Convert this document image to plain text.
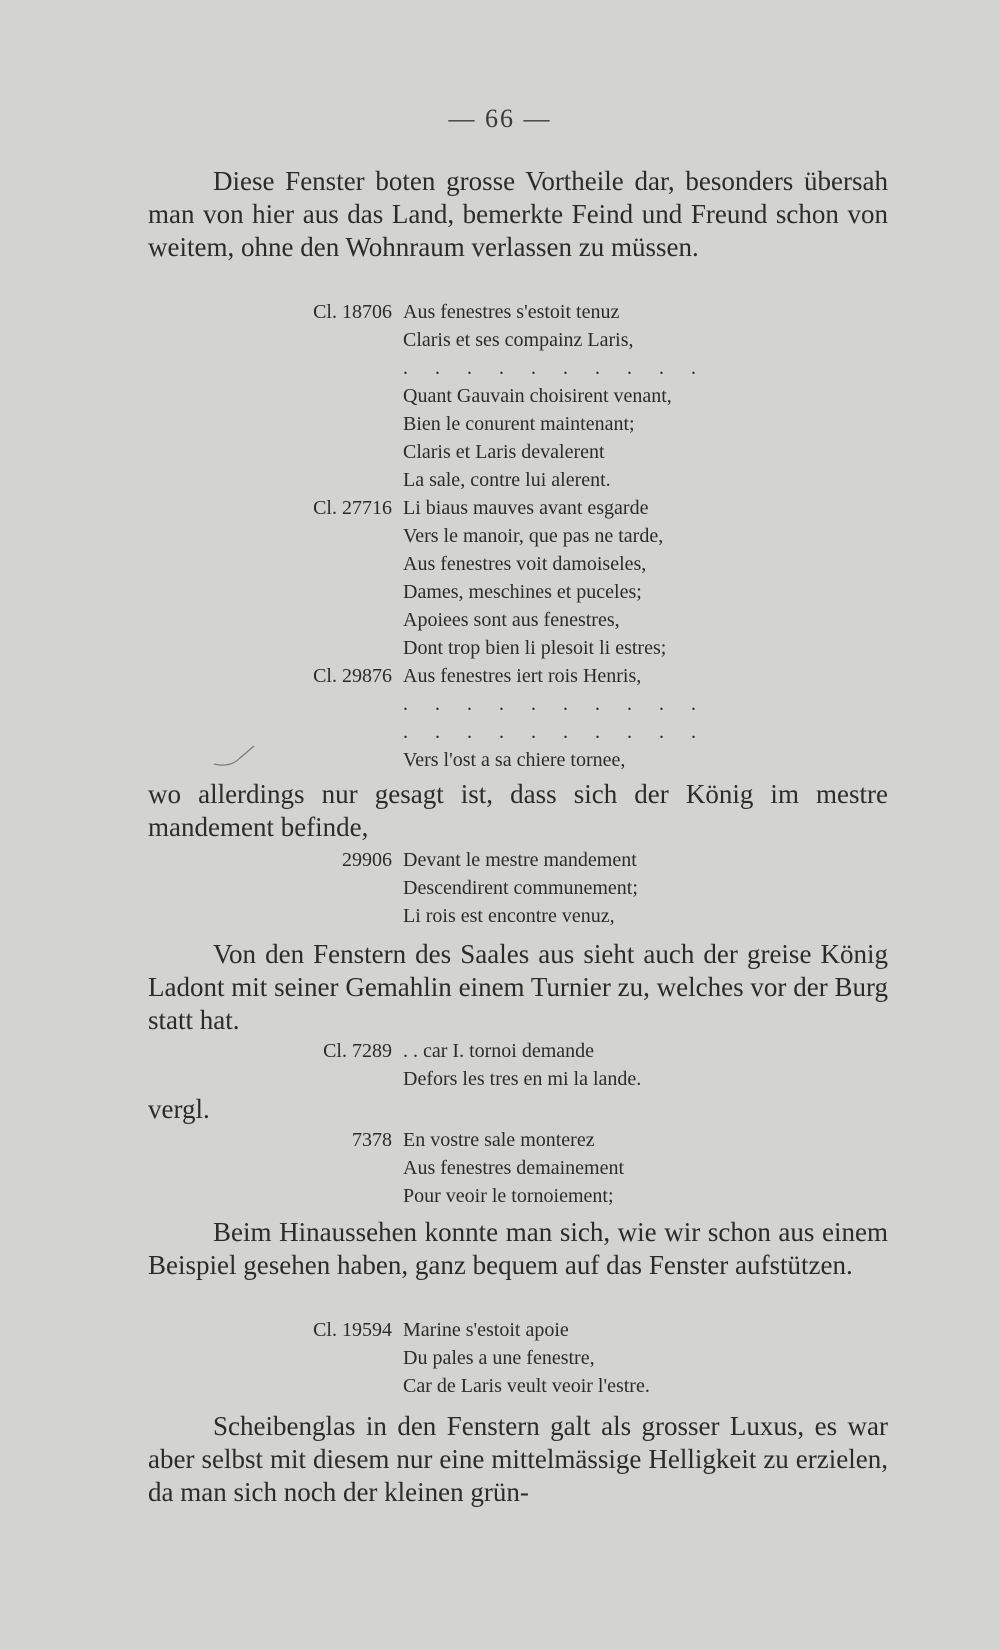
— 66 —

Diese Fenster boten grosse Vortheile dar, besonders übersah man von hier aus das Land, bemerkte Feind und Freund schon von weitem, ohne den Wohnraum verlassen zu müssen.

Cl. 18706 Aus fenestres s'estoit tenuz
Claris et ses compainz Laris,
. . . . . . . . . .
Quant Gauvain choisirent venant,
Bien le conurent maintenant;
Claris et Laris devalerent
La sale, contre lui alerent.
Cl. 27716 Li biaus mauves avant esgarde
Vers le manoir, que pas ne tarde,
Aus fenestres voit damoiseles,
Dames, meschines et puceles;
Apoiees sont aus fenestres,
Dont trop bien li plesoit li estres;
Cl. 29876 Aus fenestres iert rois Henris,
. . . . . . . . . .
. . . . . . . . . .
Vers l'ost a sa chiere tornee,

wo allerdings nur gesagt ist, dass sich der König im mestre mandement befinde,

29906 Devant le mestre mandement
Descendirent communement;
Li rois est encontre venuz,

Von den Fenstern des Saales aus sieht auch der greise König Ladont mit seiner Gemahlin einem Turnier zu, welches vor der Burg statt hat.

Cl. 7289 . . car I. tornoi demande
Defors les tres en mi la lande.
vergl.
7378 En vostre sale monterez
Aus fenestres demainement
Pour veoir le tornoiement;

Beim Hinaussehen konnte man sich, wie wir schon aus einem Beispiel gesehen haben, ganz bequem auf das Fenster aufstützen.

Cl. 19594 Marine s'estoit apoie
Du pales a une fenestre,
Car de Laris veult veoir l'estre.

Scheibenglas in den Fenstern galt als grosser Luxus, es war aber selbst mit diesem nur eine mittelmässige Helligkeit zu erzielen, da man sich noch der kleinen grün-
